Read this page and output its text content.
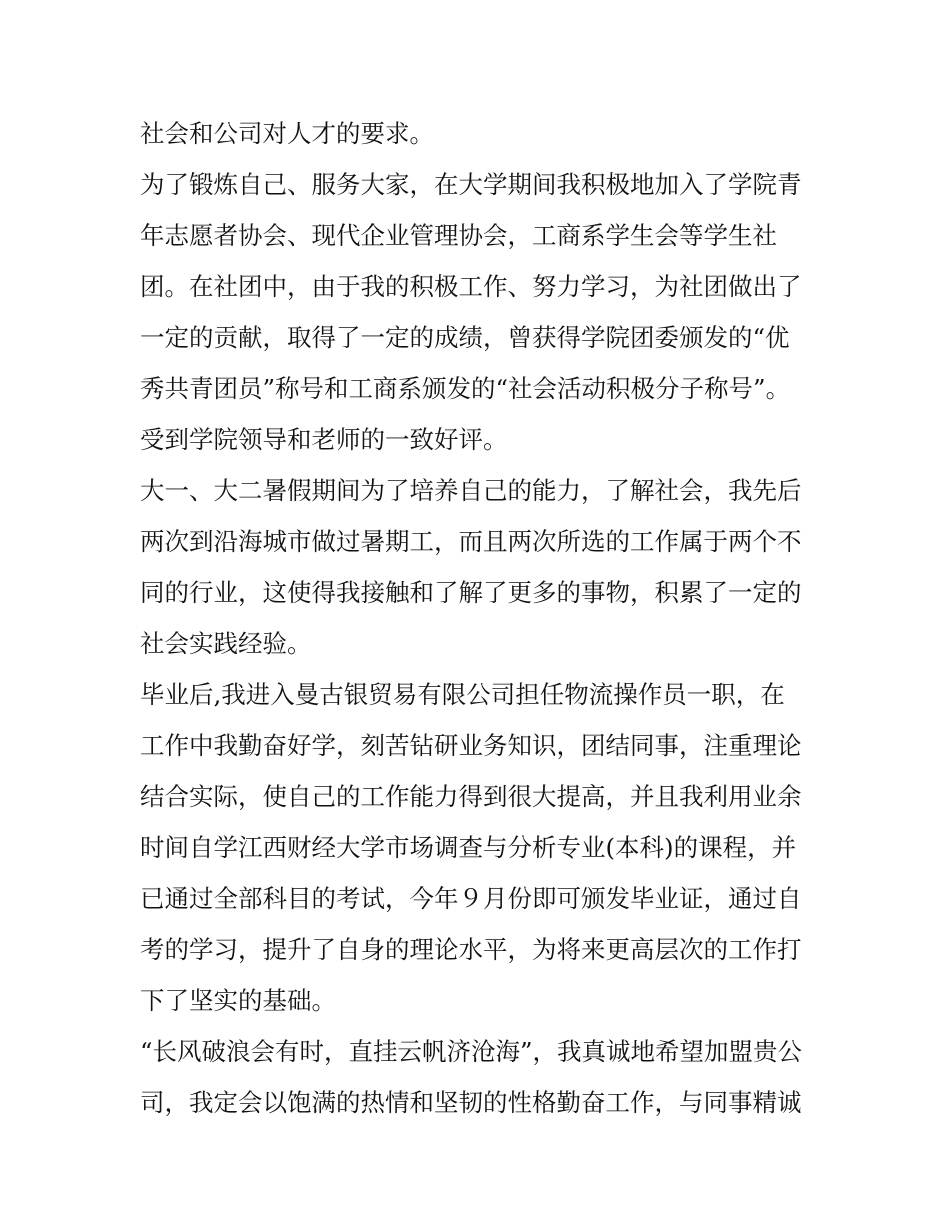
社会和公司对人才的要求。
为了锻炼自己、服务大家，在大学期间我积极地加入了学院青
年志愿者协会、现代企业管理协会，工商系学生会等学生社
团。在社团中，由于我的积极工作、努力学习，为社团做出了
一定的贡献，取得了一定的成绩，曾获得学院团委颁发的“优
秀共青团员”称号和工商系颁发的“社会活动积极分子称号”。
受到学院领导和老师的一致好评。
大一、大二暑假期间为了培养自己的能力，了解社会，我先后
两次到沿海城市做过暑期工，而且两次所选的工作属于两个不
同的行业，这使得我接触和了解了更多的事物，积累了一定的
社会实践经验。
毕业后,我进入曼古银贸易有限公司担任物流操作员一职，在
工作中我勤奋好学，刻苦钻研业务知识，团结同事，注重理论
结合实际，使自己的工作能力得到很大提高，并且我利用业余
时间自学江西财经大学市场调查与分析专业(本科)的课程，并
已通过全部科目的考试，今年９月份即可颁发毕业证，通过自
考的学习，提升了自身的理论水平，为将来更高层次的工作打
下了坚实的基础。
“长风破浪会有时，直挂云帆济沧海”，我真诚地希望加盟贵公
司，我定会以饱满的热情和坚韧的性格勤奋工作，与同事精诚
